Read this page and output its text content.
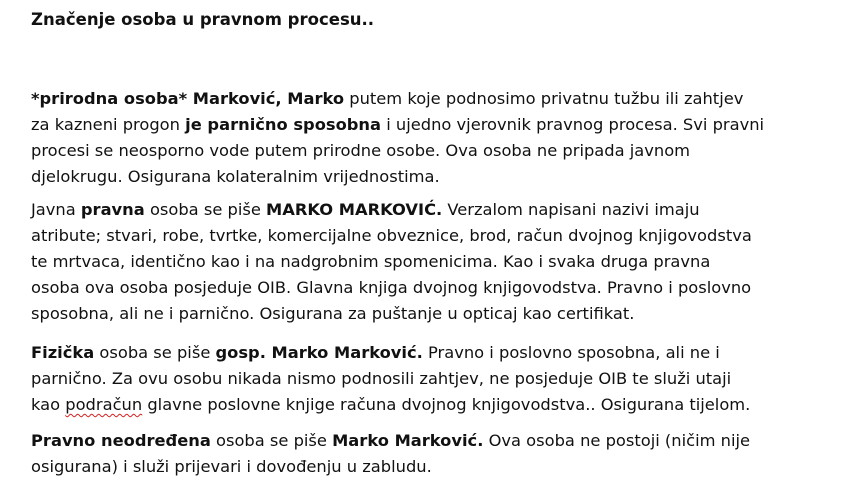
Značenje osoba u pravnom procesu..
*prirodna osoba* Marković, Marko putem koje podnosimo privatnu tužbu ili zahtjev
za kazneni progon je parnično sposobna i ujedno vjerovnik pravnog procesa. Svi pravni
procesi se neosporno vode putem prirodne osobe. Ova osoba ne pripada javnom
djelokrugu. Osigurana kolateralnim vrijednostima.
Javna pravna osoba se piše MARKO MARKOVIĆ. Verzalom napisani nazivi imaju
atribute; stvari, robe, tvrtke, komercijalne obveznice, brod, račun dvojnog knjigovodstva
te mrtvaca, identično kao i na nadgrobnim spomenicima. Kao i svaka druga pravna
osoba ova osoba posjeduje OIB. Glavna knjiga dvojnog knjigovodstva. Pravno i poslovno
sposobna, ali ne i parnično. Osigurana za puštanje u opticaj kao certifikat.
Fizička osoba se piše gosp. Marko Marković. Pravno i poslovno sposobna, ali ne i
parnično. Za ovu osobu nikada nismo podnosili zahtjev, ne posjeduje OIB te služi utaji
kao podračun glavne poslovne knjige računa dvojnog knjigovodstva.. Osigurana tijelom.
Pravno neodređena osoba se piše Marko Marković. Ova osoba ne postoji (ničim nije
osigurana) i služi prijevari i dovođenju u zabludu.
